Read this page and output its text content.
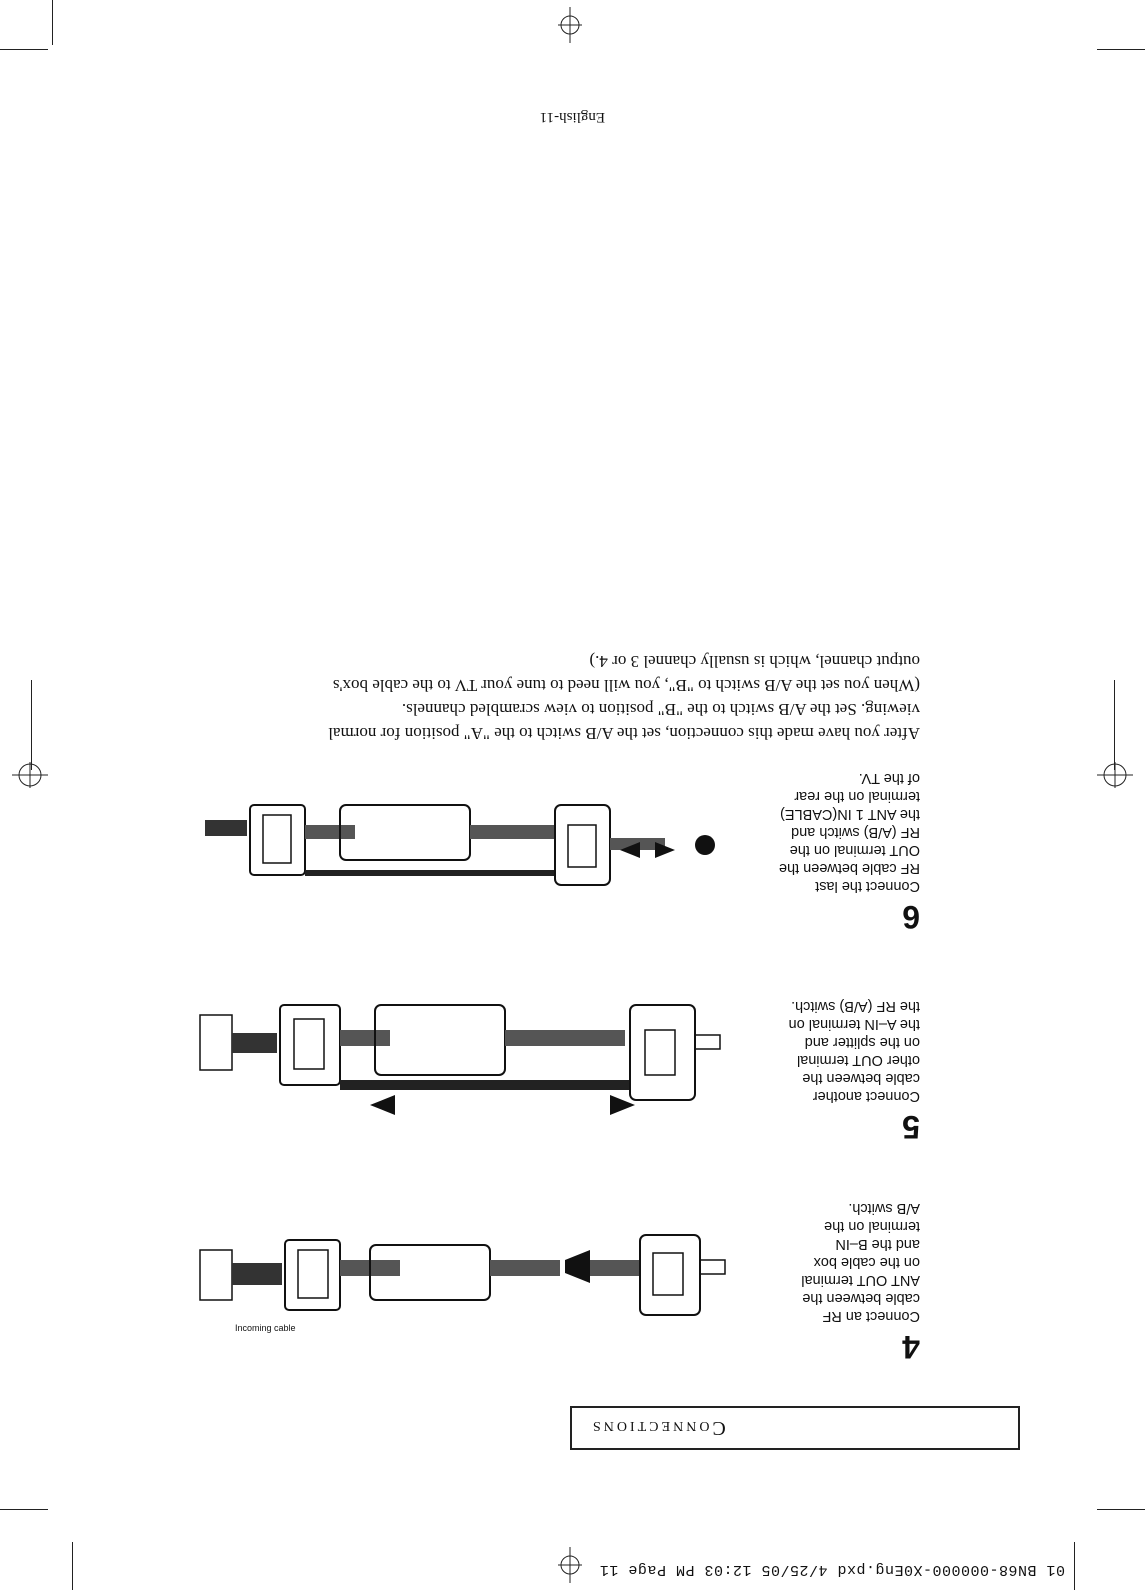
01 BN68-000000-X0Eng.pxd 4/25/05 12:03 PM Page 11
Connections
4
Connect an RF
cable between the
ANT OUT terminal
on the cable box
and the B–IN
terminal on the
A/B switch.
Incoming cable
5
Connect another
cable between the
other OUT terminal
on the splitter and
the A–IN terminal on
the RF (A/B) switch.
6
Connect the last
RF cable between the
OUT terminal on the
RF (A/B) switch and
the ANT 1 IN(CABLE)
terminal on the rear
of the TV.

After you have made this connection, set the A/B switch to the "A" position for normal

viewing. Set the A/B switch to the "B" position to view scrambled channels.

(When you set the A/B switch to "B", you will need to tune your TV to the cable box's

output channel, which is usually channel 3 or 4.)

English-11
